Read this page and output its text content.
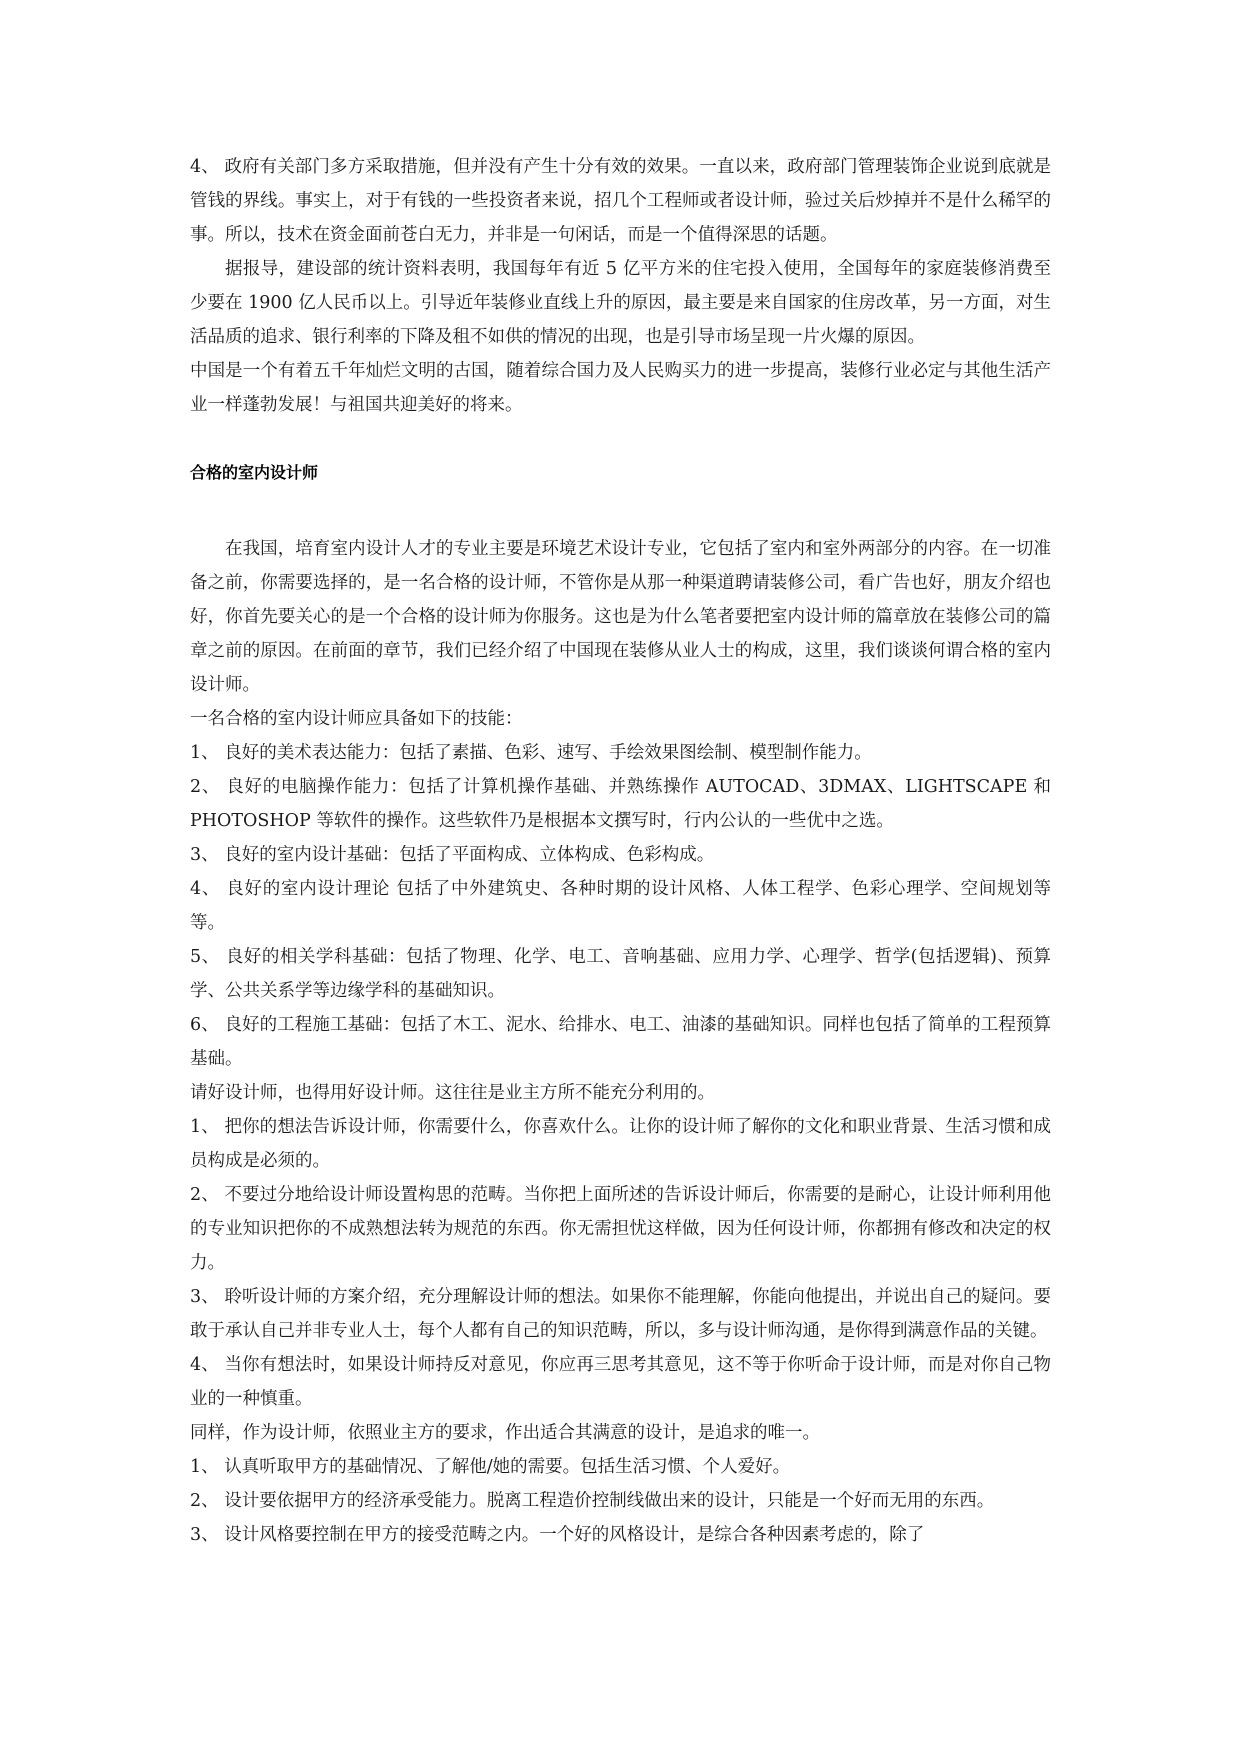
4、 政府有关部门多方采取措施，但并没有产生十分有效的效果。一直以来，政府部门管理装饰企业说到底就是管钱的界线。事实上，对于有钱的一些投资者来说，招几个工程师或者设计师，验过关后炒掉并不是什么稀罕的事。所以，技术在资金面前苍白无力，并非是一句闲话，而是一个值得深思的话题。

据报导，建设部的统计资料表明，我国每年有近 5 亿平方米的住宅投入使用，全国每年的家庭装修消费至少要在 1900 亿人民币以上。引导近年装修业直线上升的原因，最主要是来自国家的住房改革，另一方面，对生活品质的追求、银行利率的下降及租不如供的情况的出现，也是引导市场呈现一片火爆的原因。

中国是一个有着五千年灿烂文明的古国，随着综合国力及人民购买力的进一步提高，装修行业必定与其他生活产业一样蓬勃发展！与祖国共迎美好的将来。

合格的室内设计师

在我国，培育室内设计人才的专业主要是环境艺术设计专业，它包括了室内和室外两部分的内容。在一切准备之前，你需要选择的，是一名合格的设计师，不管你是从那一种渠道聘请装修公司，看广告也好，朋友介绍也好，你首先要关心的是一个合格的设计师为你服务。这也是为什么笔者要把室内设计师的篇章放在装修公司的篇章之前的原因。在前面的章节，我们已经介绍了中国现在装修从业人士的构成，这里，我们谈谈何谓合格的室内设计师。

一名合格的室内设计师应具备如下的技能：

1、 良好的美术表达能力：包括了素描、色彩、速写、手绘效果图绘制、模型制作能力。

2、 良好的电脑操作能力：包括了计算机操作基础、并熟练操作 AUTOCAD、3DMAX、LIGHTSCAPE 和 PHOTOSHOP 等软件的操作。这些软件乃是根据本文撰写时，行内公认的一些优中之选。

3、 良好的室内设计基础：包括了平面构成、立体构成、色彩构成。

4、 良好的室内设计理论 包括了中外建筑史、各种时期的设计风格、人体工程学、色彩心理学、空间规划等等。

5、 良好的相关学科基础：包括了物理、化学、电工、音响基础、应用力学、心理学、哲学(包括逻辑)、预算学、公共关系学等边缘学科的基础知识。

6、 良好的工程施工基础：包括了木工、泥水、给排水、电工、油漆的基础知识。同样也包括了简单的工程预算基础。

请好设计师，也得用好设计师。这往往是业主方所不能充分利用的。

1、 把你的想法告诉设计师，你需要什么，你喜欢什么。让你的设计师了解你的文化和职业背景、生活习惯和成员构成是必须的。

2、 不要过分地给设计师设置构思的范畴。当你把上面所述的告诉设计师后，你需要的是耐心，让设计师利用他的专业知识把你的不成熟想法转为规范的东西。你无需担忧这样做，因为任何设计师，你都拥有修改和决定的权力。

3、 聆听设计师的方案介绍，充分理解设计师的想法。如果你不能理解，你能向他提出，并说出自己的疑问。要敢于承认自己并非专业人士，每个人都有自己的知识范畴，所以，多与设计师沟通，是你得到满意作品的关键。

4、 当你有想法时，如果设计师持反对意见，你应再三思考其意见，这不等于你听命于设计师，而是对你自己物业的一种慎重。

同样，作为设计师，依照业主方的要求，作出适合其满意的设计，是追求的唯一。

1、 认真听取甲方的基础情况、了解他/她的需要。包括生活习惯、个人爱好。

2、 设计要依据甲方的经济承受能力。脱离工程造价控制线做出来的设计，只能是一个好而无用的东西。

3、 设计风格要控制在甲方的接受范畴之内。一个好的风格设计，是综合各种因素考虑的，除了
